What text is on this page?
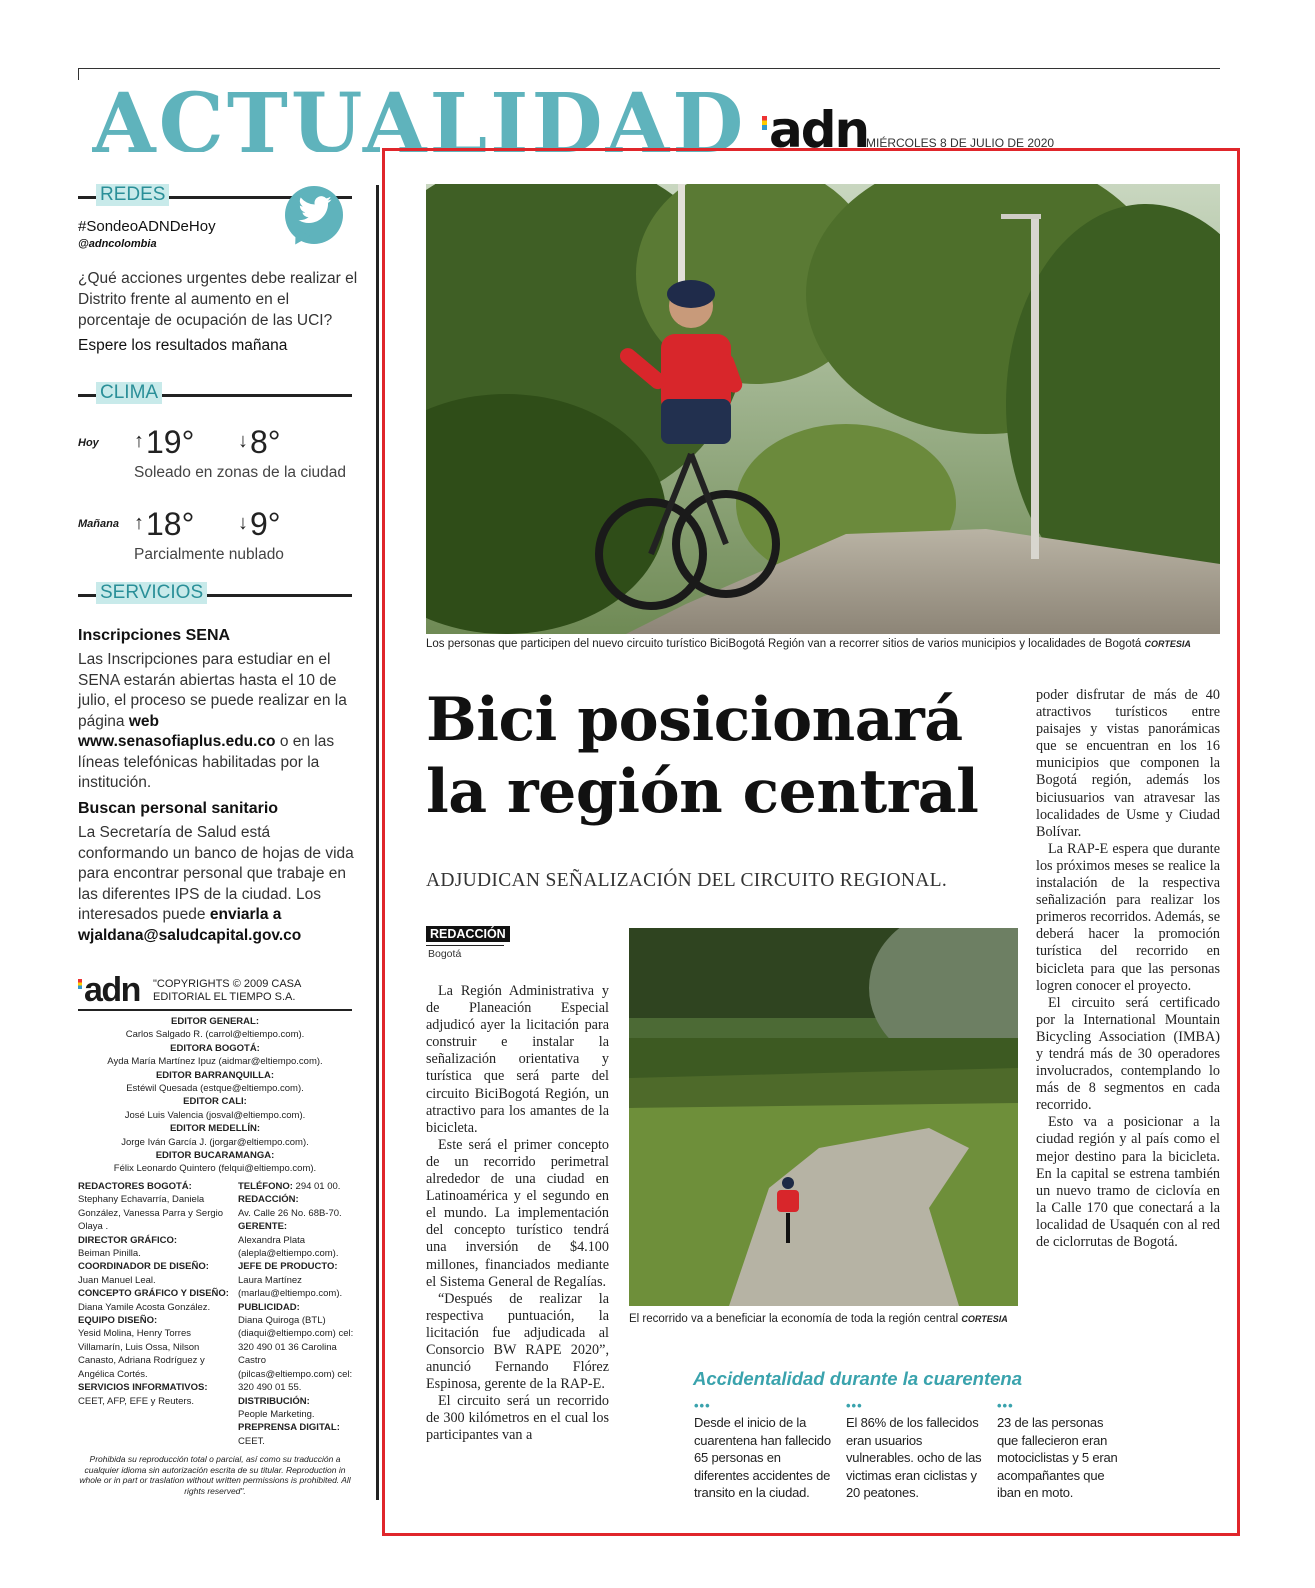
ACTUALIDAD adn
MIÉRCOLES 8 DE JULIO DE 2020
REDES
#SondeoADNDeHoy
@adncolombia
¿Qué acciones urgentes debe realizar el Distrito frente al aumento en el porcentaje de ocupación de las UCI?
Espere los resultados mañana
CLIMA
Hoy ↑19° ↓8°
Soleado en zonas de la ciudad
Mañana ↑18° ↓9°
Parcialmente nublado
SERVICIOS
Inscripciones SENA
Las Inscripciones para estudiar en el SENA estarán abiertas hasta el 10 de julio, el proceso se puede realizar en la página web www.senasofiaplus.edu.co o en las líneas telefónicas habilitadas por la institución.
Buscan personal sanitario
La Secretaría de Salud está conformando un banco de hojas de vida para encontrar personal que trabaje en las diferentes IPS de la ciudad. Los interesados puede enviarla a wjaldana@saludcapital.gov.co
adn "COPYRIGHTS © 2009 CASA EDITORIAL EL TIEMPO S.A.
EDITOR GENERAL:
Carlos Salgado R. (carrol@eltiempo.com).
EDITORA BOGOTÁ:
Ayda María Martínez Ipuz (aidmar@eltiempo.com).
EDITOR BARRANQUILLA:
Estéwil Quesada (estque@eltiempo.com).
EDITOR CALI:
José Luis Valencia (josval@eltiempo.com).
EDITOR MEDELLÍN:
Jorge Iván García J. (jorgar@eltiempo.com).
EDITOR BUCARAMANGA:
Félix Leonardo Quintero (felqui@eltiempo.com).
REDACTORES BOGOTÁ:
Stephany Echavarría, Daniela González, Vanessa Parra y Sergio Olaya .
DIRECTOR GRÁFICO:
Beiman Pinilla.
COORDINADOR DE DISEÑO:
Juan Manuel Leal.
CONCEPTO GRÁFICO Y DISEÑO:
Diana Yamile Acosta González.
EQUIPO DISEÑO:
Yesid Molina, Henry Torres Villamarín, Luis Ossa, Nilson Canasto, Adriana Rodríguez y Angélica Cortés.
SERVICIOS INFORMATIVOS:
CEET, AFP, EFE y Reuters.
TELÉFONO: 294 01 00.
REDACCIÓN:
Av. Calle 26 No. 68B-70.
GERENTE:
Alexandra Plata (alepla@eltiempo.com).
JEFE DE PRODUCTO:
Laura Martínez (marlau@eltiempo.com).
PUBLICIDAD:
Diana Quiroga (BTL) (diaqui@eltiempo.com) cel: 320 490 01 36 Carolina Castro (pilcas@eltiempo.com) cel: 320 490 01 55.
DISTRIBUCIÓN:
People Marketing.
PREPRENSA DIGITAL:
CEET.
Prohibida su reproducción total o parcial, así como su traducción a cualquier idioma sin autorización escrita de su titular. Reproduction in whole or in part or traslation without written permissions is prohibited. All rights reserved".
Los personas que participen del nuevo circuito turístico BiciBogotá Región van a recorrer sitios de varios municipios y localidades de Bogotá CORTESIA
Bici posicionará la región central
ADJUDICAN SEÑALIZACIÓN DEL CIRCUITO REGIONAL.
REDACCIÓN
Bogotá

La Región Administrativa y de Planeación Especial adjudicó ayer la licitación para construir e instalar la señalización orientativa y turística que será parte del circuito BiciBogotá Región, un atractivo para los amantes de la bicicleta.

Este será el primer concepto de un recorrido perimetral alrededor de una ciudad en Latinoamérica y el segundo en el mundo. La implementación del concepto turístico tendrá una inversión de $4.100 millones, financiados mediante el Sistema General de Regalías.

“Después de realizar la respectiva puntuación, la licitación fue adjudicada al Consorcio BW RAPE 2020”, anunció Fernando Flórez Espinosa, gerente de la RAP-E.

El circuito será un recorrido de 300 kilómetros en el cual los participantes van a

El recorrido va a beneficiar la economía de toda la región central CORTESIA

poder disfrutar de más de 40 atractivos turísticos entre paisajes y vistas panorámicas que se encuentran en los 16 municipios que componen la Bogotá región, además los biciusuarios van atravesar las localidades de Usme y Ciudad Bolívar.

La RAP-E espera que durante los próximos meses se realice la instalación de la respectiva señalización para realizar los primeros recorridos. Además, se deberá hacer la promoción turística del recorrido en bicicleta para que las personas logren conocer el proyecto.

El circuito será certificado por la International Mountain Bicycling Association (IMBA) y tendrá más de 30 operadores involucrados, contemplando lo más de 8 segmentos en cada recorrido.

Esto va a posicionar a la ciudad región y al país como el mejor destino para la bicicleta. En la capital se estrena también un nuevo tramo de ciclovía en la Calle 170 que conectará a la localidad de Usaquén con al red de ciclorrutas de Bogotá.

Accidentalidad durante la cuarentena
•••
Desde el inicio de la cuarentena han fallecido 65 personas en diferentes accidentes de transito en la ciudad.
•••
El 86% de los fallecidos eran usuarios vulnerables. ocho de las victimas eran ciclistas y 20 peatones.
•••
23 de las personas que fallecieron eran motociclistas y 5 eran acompañantes que iban en moto.
